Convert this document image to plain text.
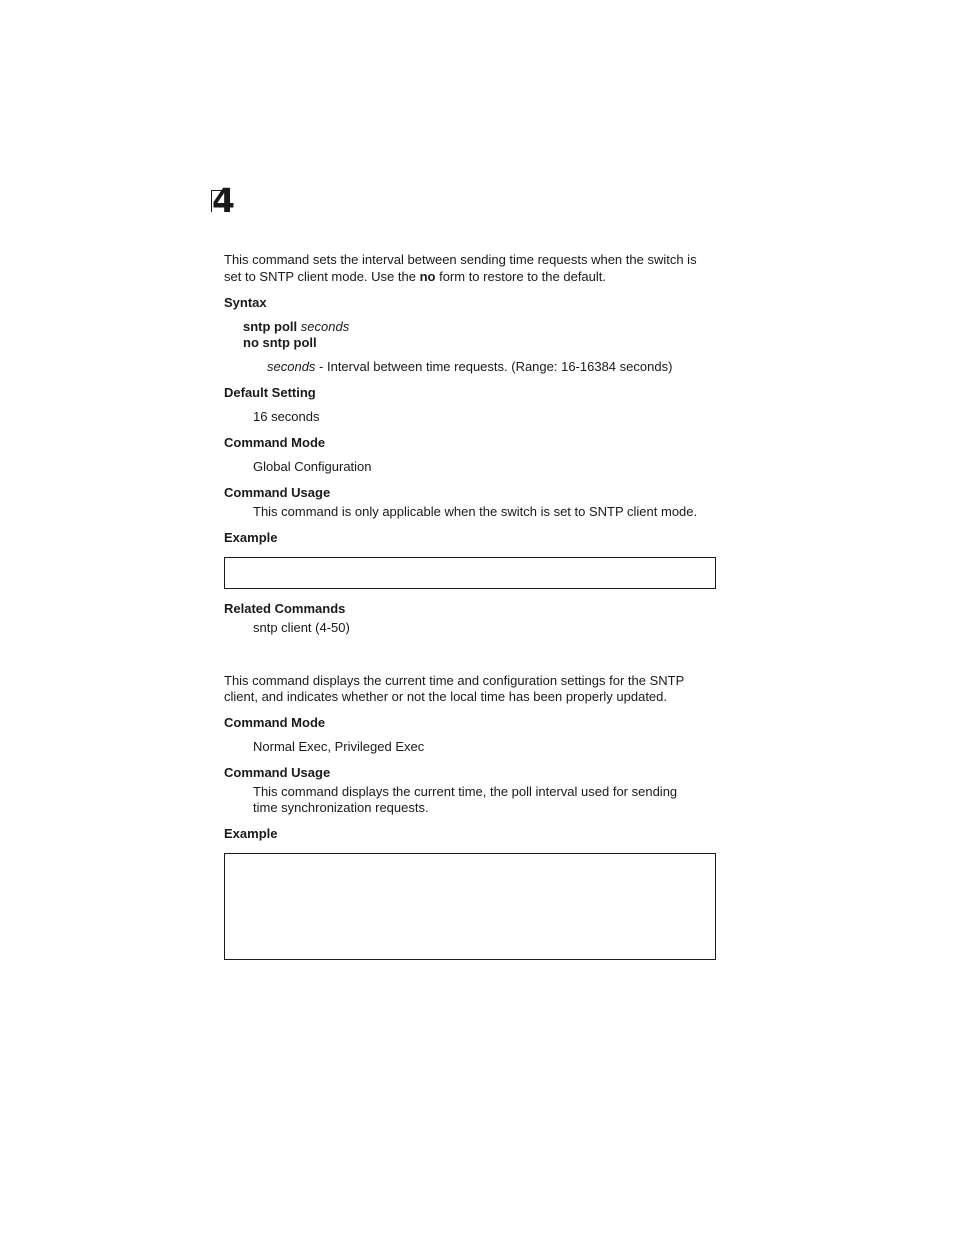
4
This command sets the interval between sending time requests when the switch is
set to SNTP client mode. Use the no form to restore to the default.
Syntax
sntp poll seconds
no sntp poll
seconds - Interval between time requests. (Range: 16-16384 seconds)
Default Setting
16 seconds
Command Mode
Global Configuration
Command Usage
This command is only applicable when the switch is set to SNTP client mode.
Example
Related Commands
sntp client (4-50)
This command displays the current time and configuration settings for the SNTP
client, and indicates whether or not the local time has been properly updated.
Command Mode
Normal Exec, Privileged Exec
Command Usage
This command displays the current time, the poll interval used for sending
time synchronization requests.
Example
